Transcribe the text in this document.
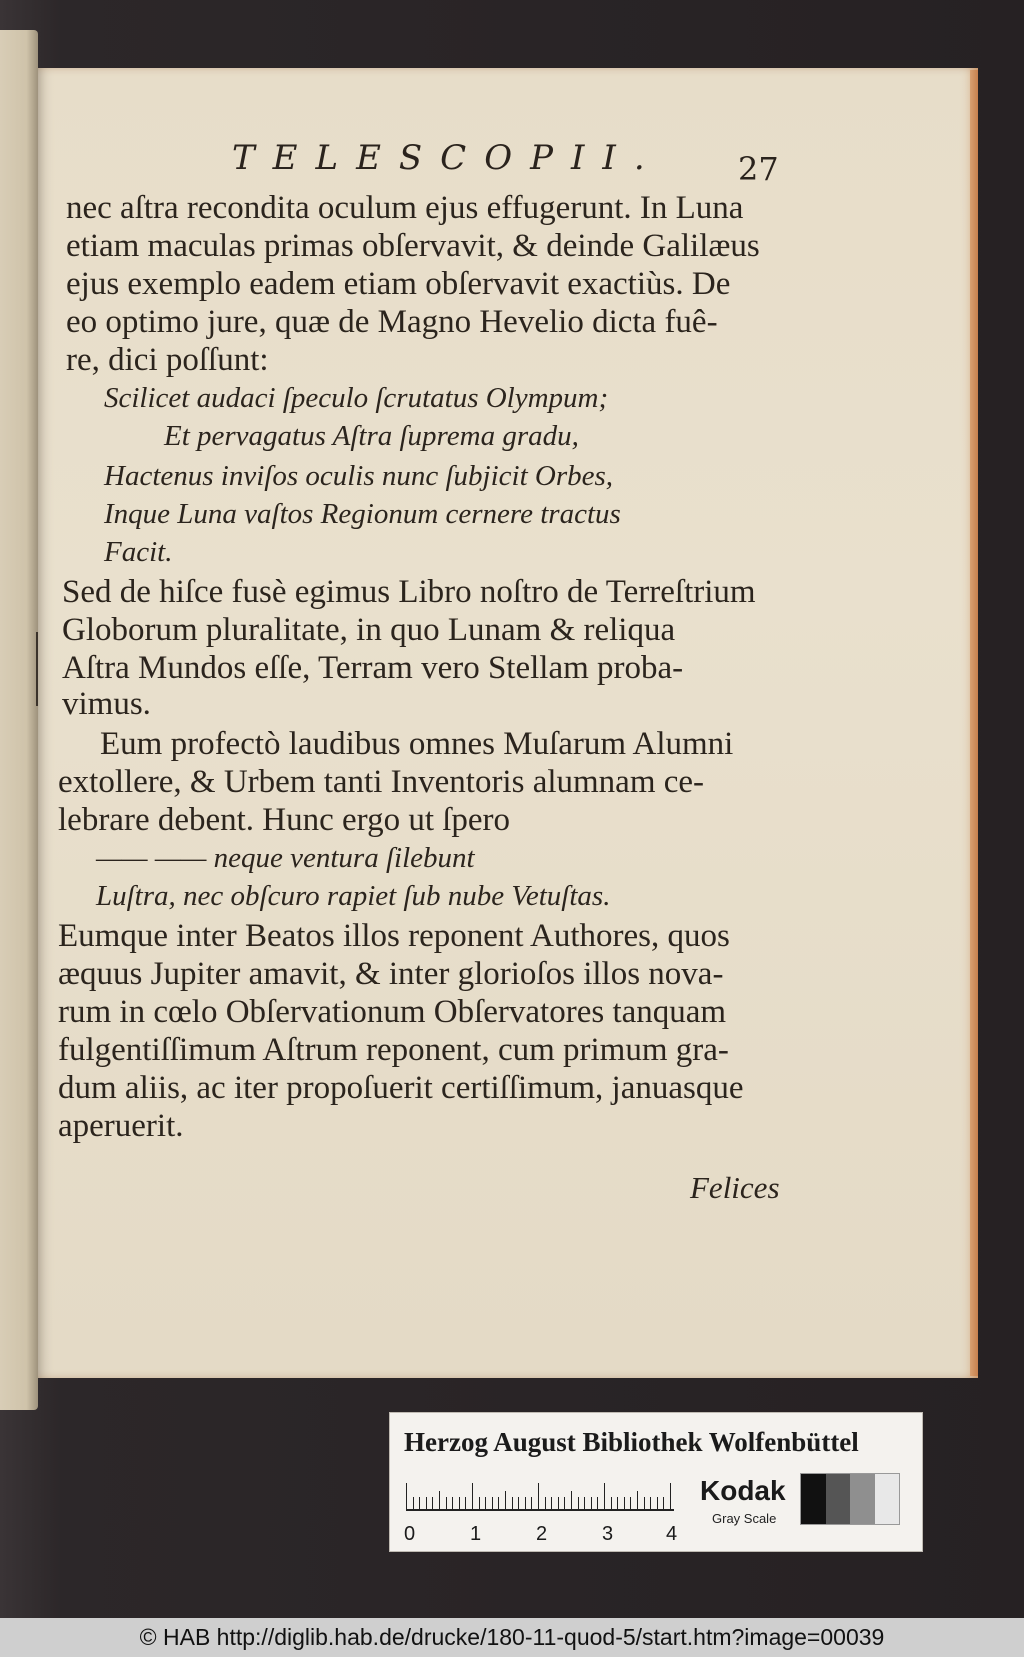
TELESCOPII. 27
nec aſtra recondita oculum ejus effugerunt. In Luna
etiam maculas primas obſervavit, & deinde Galilæus
ejus exemplo eadem etiam obſervavit exactiùs. De
eo optimo jure, quæ de Magno Hevelio dicta fuê-
re, dici poſſunt:
Scilicet audaci ſpeculo ſcrutatus Olympum;
Et pervagatus Aſtra ſuprema gradu,
Hactenus inviſos oculis nunc ſubjicit Orbes,
Inque Luna vaſtos Regionum cernere tractus
Facit.
Sed de hiſce fusè egimus Libro noſtro de Terreſtrium
Globorum pluralitate, in quo Lunam & reliqua
Aſtra Mundos eſſe, Terram vero Stellam proba-
vimus.
Eum profectò laudibus omnes Muſarum Alumni
extollere, & Urbem tanti Inventoris alumnam ce-
lebrare debent. Hunc ergo ut ſpero
—— —— neque ventura ſilebunt
Luſtra, nec obſcuro rapiet ſub nube Vetuſtas.
Eumque inter Beatos illos reponent Authores, quos
æquus Jupiter amavit, & inter glorioſos illos nova-
rum in cœlo Obſervationum Obſervatores tanquam
fulgentiſſimum Aſtrum reponent, cum primum gra-
dum aliis, ac iter propoſuerit certiſſimum, januasque
aperuerit.
Felices
Herzog August Bibliothek Wolfenbüttel
0	1	2	3	4
Kodak
Gray Scale
© HAB http://diglib.hab.de/drucke/180-11-quod-5/start.htm?image=00039
